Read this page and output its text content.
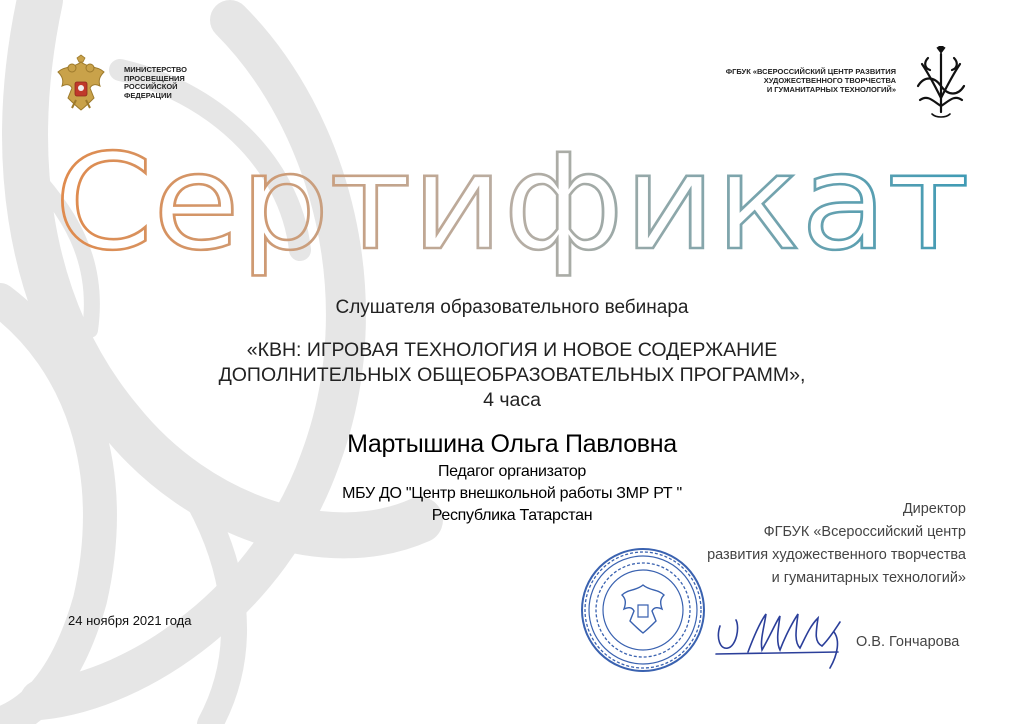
МИНИСТЕРСТВО
ПРОСВЕЩЕНИЯ
РОССИЙСКОЙ
ФЕДЕРАЦИИ
ФГБУК «ВСЕРОССИЙСКИЙ ЦЕНТР РАЗВИТИЯ
ХУДОЖЕСТВЕННОГО ТВОРЧЕСТВА
И ГУМАНИТАРНЫХ ТЕХНОЛОГИЙ»
Сертификат
Слушателя образовательного вебинара
«КВН: ИГРОВАЯ ТЕХНОЛОГИЯ И НОВОЕ СОДЕРЖАНИЕ
ДОПОЛНИТЕЛЬНЫХ ОБЩЕОБРАЗОВАТЕЛЬНЫХ ПРОГРАММ»,
4 часа
Мартышина Ольга Павловна
Педагог организатор
МБУ ДО "Центр внешкольной работы ЗМР РТ "
Республика Татарстан
24 ноября 2021 года
Директор
ФГБУК «Всероссийский центр
развития художественного творчества
и гуманитарных технологий»
О.В. Гончарова
